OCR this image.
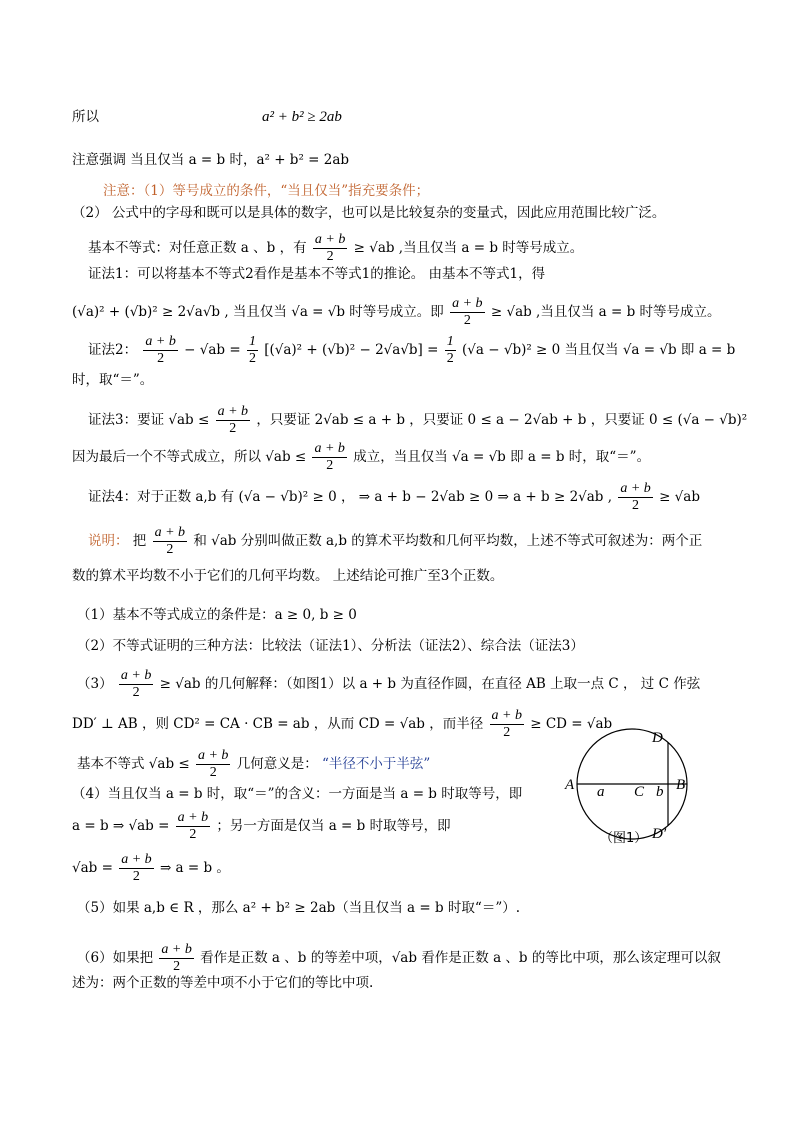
所以	a² + b² ≥ 2ab
注意强调 当且仅当 a = b 时，a² + b² = 2ab
注意：（1）等号成立的条件，“当且仅当”指充要条件；
（2） 公式中的字母和既可以是具体的数字，也可以是比较复杂的变量式，因此应用范围比较广泛。
基本不等式：对任意正数 a 、b ，有 $\frac{a + b}{2} \ge √ab$ ,当且仅当 a = b 时等号成立。
证法1：可以将基本不等式2看作是基本不等式1的推论。 由基本不等式1，得
(√a)² + (√b)² ≥ 2√a√b , 当且仅当 √a = √b 时等号成立。即 $\frac{a + b}{2} \ge √ab$ ,当且仅当 a = b 时等号成立。
证法2： $\frac{a + b}{2} - √ab = \frac{1}{2} [(√a)^2 + (√b)^2 - 2√a√b] = \frac{1}{2} (√a - √b)^2 \ge 0$ 当且仅当 √a = √b 即 a = b
时，取“＝”。
证法3：要证 $√ab \le \frac{a + b}{2}$ ，只要证 2√ab ≤ a + b ，只要证 0 ≤ a − 2√ab + b ，只要证 0 ≤ (√a − √b)²
因为最后一个不等式成立，所以 $√ab \le \frac{a + b}{2}$ 成立，当且仅当 √a = √b 即 a = b 时，取“＝”。
证法4：对于正数 a,b 有 (√a − √b)² ≥ 0 ， ⇒ a + b − 2√ab ≥ 0 ⇒ a + b ≥ 2√ab , $\frac{a + b}{2} \ge √ab$
说明： 把 $\frac{a + b}{2}$ 和 √ab 分别叫做正数 a,b 的算术平均数和几何平均数，上述不等式可叙述为：两个正
数的算术平均数不小于它们的几何平均数。 上述结论可推广至3个正数。
（1）基本不等式成立的条件是：a ≥ 0, b ≥ 0
（2）不等式证明的三种方法：比较法（证法1）、分析法（证法2）、综合法（证法3）
$(3) \frac{a + b}{2} \ge √ab$ 的几何解释：（如图1）以 a + b 为直径作圆，在直径 AB 上取一点 C ， 过 C 作弦
DD′ ⊥ AB ，则 CD² = CA · CB = ab ，从而 CD = √ab ，而半径 $\frac{a + b}{2}$ ≥ CD = √ab
基本不等式 $√ab \le \frac{a + b}{2}$ 几何意义是： “半径不小于半弦”
（4）当且仅当 a = b 时，取“＝”的含义：一方面是当 a = b 时取等号，即
a = b ⇒ $√ab = \frac{a + b}{2}$ ；另一方面是仅当 a = b 时取等号，即
$√ab = \frac{a + b}{2}$ ⇒ a = b 。
（5）如果 a,b ∈ R ，那么 a² + b² ≥ 2ab（当且仅当 a = b 时取“＝”）.
（6）如果把 $\frac{a + b}{2}$ 看作是正数 a 、b 的等差中项，√ab 看作是正数 a 、b 的等比中项，那么该定理可以叙
述为：两个正数的等差中项不小于它们的等比中项.
A	B
C
D
D′
a	b
（图1）
